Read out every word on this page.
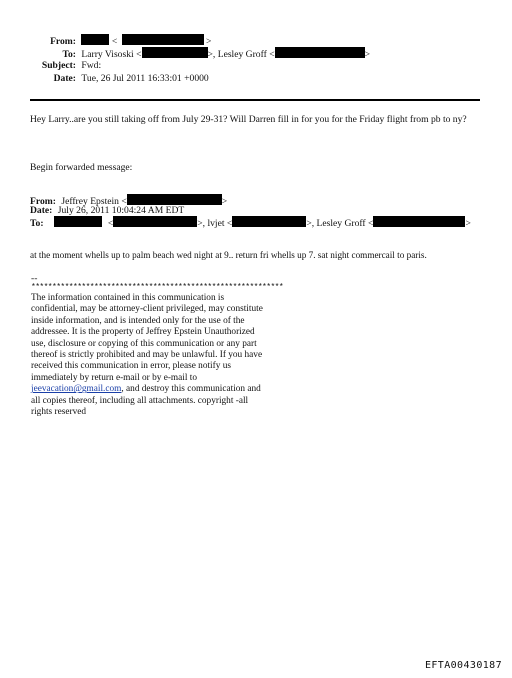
From:	<	>
To: Larry Visoski <	>, Lesley Groff <	>
Subject: Fwd:
Date: Tue, 26 Jul 2011 16:33:01 +0000
Hey Larry..are you still taking off from July 29-31? Will Darren fill in for you for the Friday flight from pb to ny?
Begin forwarded message:
From: Jeffrey Epstein <	>
Date: July 26, 2011 10:04:24 AM EDT
To:	<	>, lvjet <	>, Lesley Groff <	>
at the moment whells up to palm beach wed night at 9.. return fri whells up 7. sat night commercail to paris.
--
************************************************************
The information contained in this communication is confidential, may be attorney-client privileged, may constitute inside information, and is intended only for the use of the addressee. It is the property of Jeffrey Epstein Unauthorized use, disclosure or copying of this communication or any part thereof is strictly prohibited and may be unlawful. If you have received this communication in error, please notify us immediately by return e-mail or by e-mail to jeevacation@gmail.com, and destroy this communication and all copies thereof, including all attachments. copyright -all rights reserved
EFTA00430187
